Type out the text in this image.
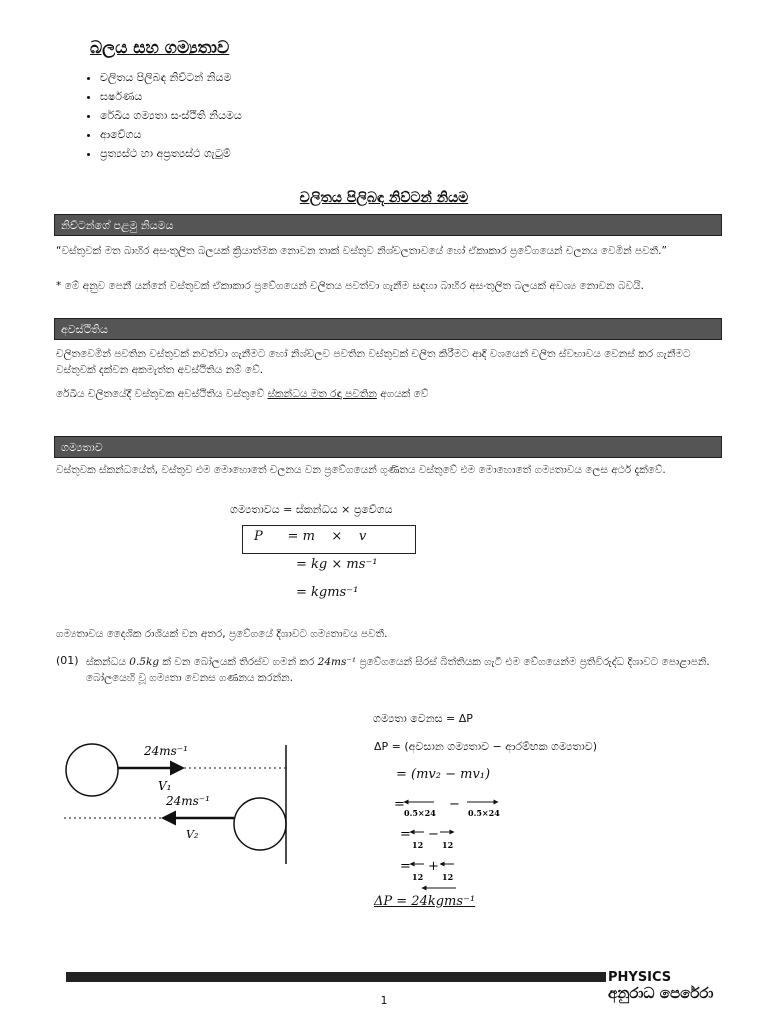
බලය සහ ගම්‍යතාව
• චලිතය පිලිබඳ නිව්ටන් නියම
• ඝර්ෂණය
• රේඛීය ගම්‍යතා සංස්ථිති නියමය
• ආවේගය
• ප්‍රත්‍යස්ථ හා අප්‍රත්‍යස්ථ ගැටුම්
චලිතය පිලිබඳ නිව්ටන් නියම
නිව්ටන්ගේ පළමු නියමය
“වස්තුවක් මත බාහිර අසංතුලිත බලයක් ක්‍රියාත්මක නොවන තාක් වස්තුව නිශ්චලතාවයේ හෝ ඒකාකාර ප්‍රවේගයෙන් චලනය වෙමින් පවතී.”
* මේ අනුව පෙනී යන්නේ වස්තුවක් ඒකාකාර ප්‍රවේගයෙන් චලිතය පවත්වා ගැනීම සඳහා බාහිර අසංතුලිත බලයක් අවශ්‍ය නොවන බවයි.
අවස්ථිතිය
චලිතවෙමින් පවතින වස්තුවක් නවත්වා ගැනීමට හෝ නිශ්චලව පවතින වස්තුවක් චලිත කිරීමට ආදි වශයෙන් චලිත ස්වභාවය වෙනස් කර ගැනීමට වස්තුවක් දක්වන අකමැත්ත අවස්ථිතිය නම් වේ.
රේඛීය චලිතයේදී වස්තුවක අවස්ථිතිය වස්තුවේ ස්කන්ධය මත රඳා පවතින අගයක් වේ
ගම්‍යතාව
වස්තුවක ස්කන්ධයේත්, වස්තුව එම මොහොතේ චලනය වන ප්‍රවේගයෙන් ගුණිතය වස්තුවේ එම මොහොතේ ගම්‍යතාවය ලෙස අර්ථ දැක්වේ.
ගම්‍යතාවය = ස්කන්ධය × ප්‍රවේගය
P      = m    ×    v
= kg × ms⁻¹
= kgms⁻¹
ගම්‍යතාවය දෛශික රාශියක් වන අතර, ප්‍රවේගයේ දිශාවට ගම්‍යතාවය පවතී.
(01) ස්කන්ධය 0.5kg ක් වන බෝලයක් තිරස්ව ගමන් කර 24ms⁻¹ ප්‍රවේගයෙන් සිරස් බිත්තියක ගැටී එම වේගයෙන්ම ප්‍රතිවිරුද්ධ දිශාවට පොළාපනි. බෝලයෙහි වූ ගම්‍යතා වෙනස ගණනය කරන්න.
24ms⁻¹
V₁
24ms⁻¹
V₂
ගම්‍යතා වෙනස = ΔP
ΔP = (අවසාන ගම්‍යතාව − ආරම්භක ගම්‍යතාව)
= (mv₂ − mv₁)
=
0.5×24
−
0.5×24
=
12
−
12
=
12
+
12
ΔP = 24kgms⁻¹
PHYSICS
අනුරාධ පෙරේරා
1
